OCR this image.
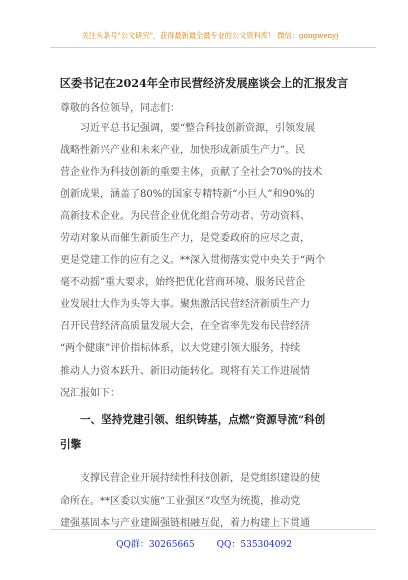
关注头条号"公文研究"，获得最新最全最专业的公文资料库！ 微信：gongwenyj
区委书记在2024年全市民营经济发展座谈会上的汇报发言
尊敬的各位领导，同志们：
习近平总书记强调，要“整合科技创新资源，引领发展
战略性新兴产业和未来产业，加快形成新质生产力”。民
营企业作为科技创新的重要主体，贡献了全社会70%的技术
创新成果，涵盖了80%的国家专精特新“小巨人”和90%的
高新技术企业。为民营企业优化组合劳动者、劳动资料、
劳动对象从而催生新质生产力，是党委政府的应尽之责，
更是党建工作的应有之义。**深入贯彻落实党中央关于“两个
毫不动摇”重大要求，始终把优化营商环境、服务民营企
业发展壮大作为头等大事。聚焦激活民营经济新质生产力
召开民营经济高质量发展大会，在全省率先发布民营经济
“两个健康”评价指标体系，以大党建引领大服务，持续
推动人力资本跃升、新旧动能转化。现将有关工作进展情
况汇报如下：
一、坚持党建引领、组织铸基，点燃“资源导流”科创
引擎
支撑民营企业开展持续性科技创新，是党组织建设的使
命所在。**区委以实施“工业强区”攻坚为统揽，推动党
建强基固本与产业建圈强链相融互促，着力构建上下贯通
QQ群：30265665 QQ：535304092
